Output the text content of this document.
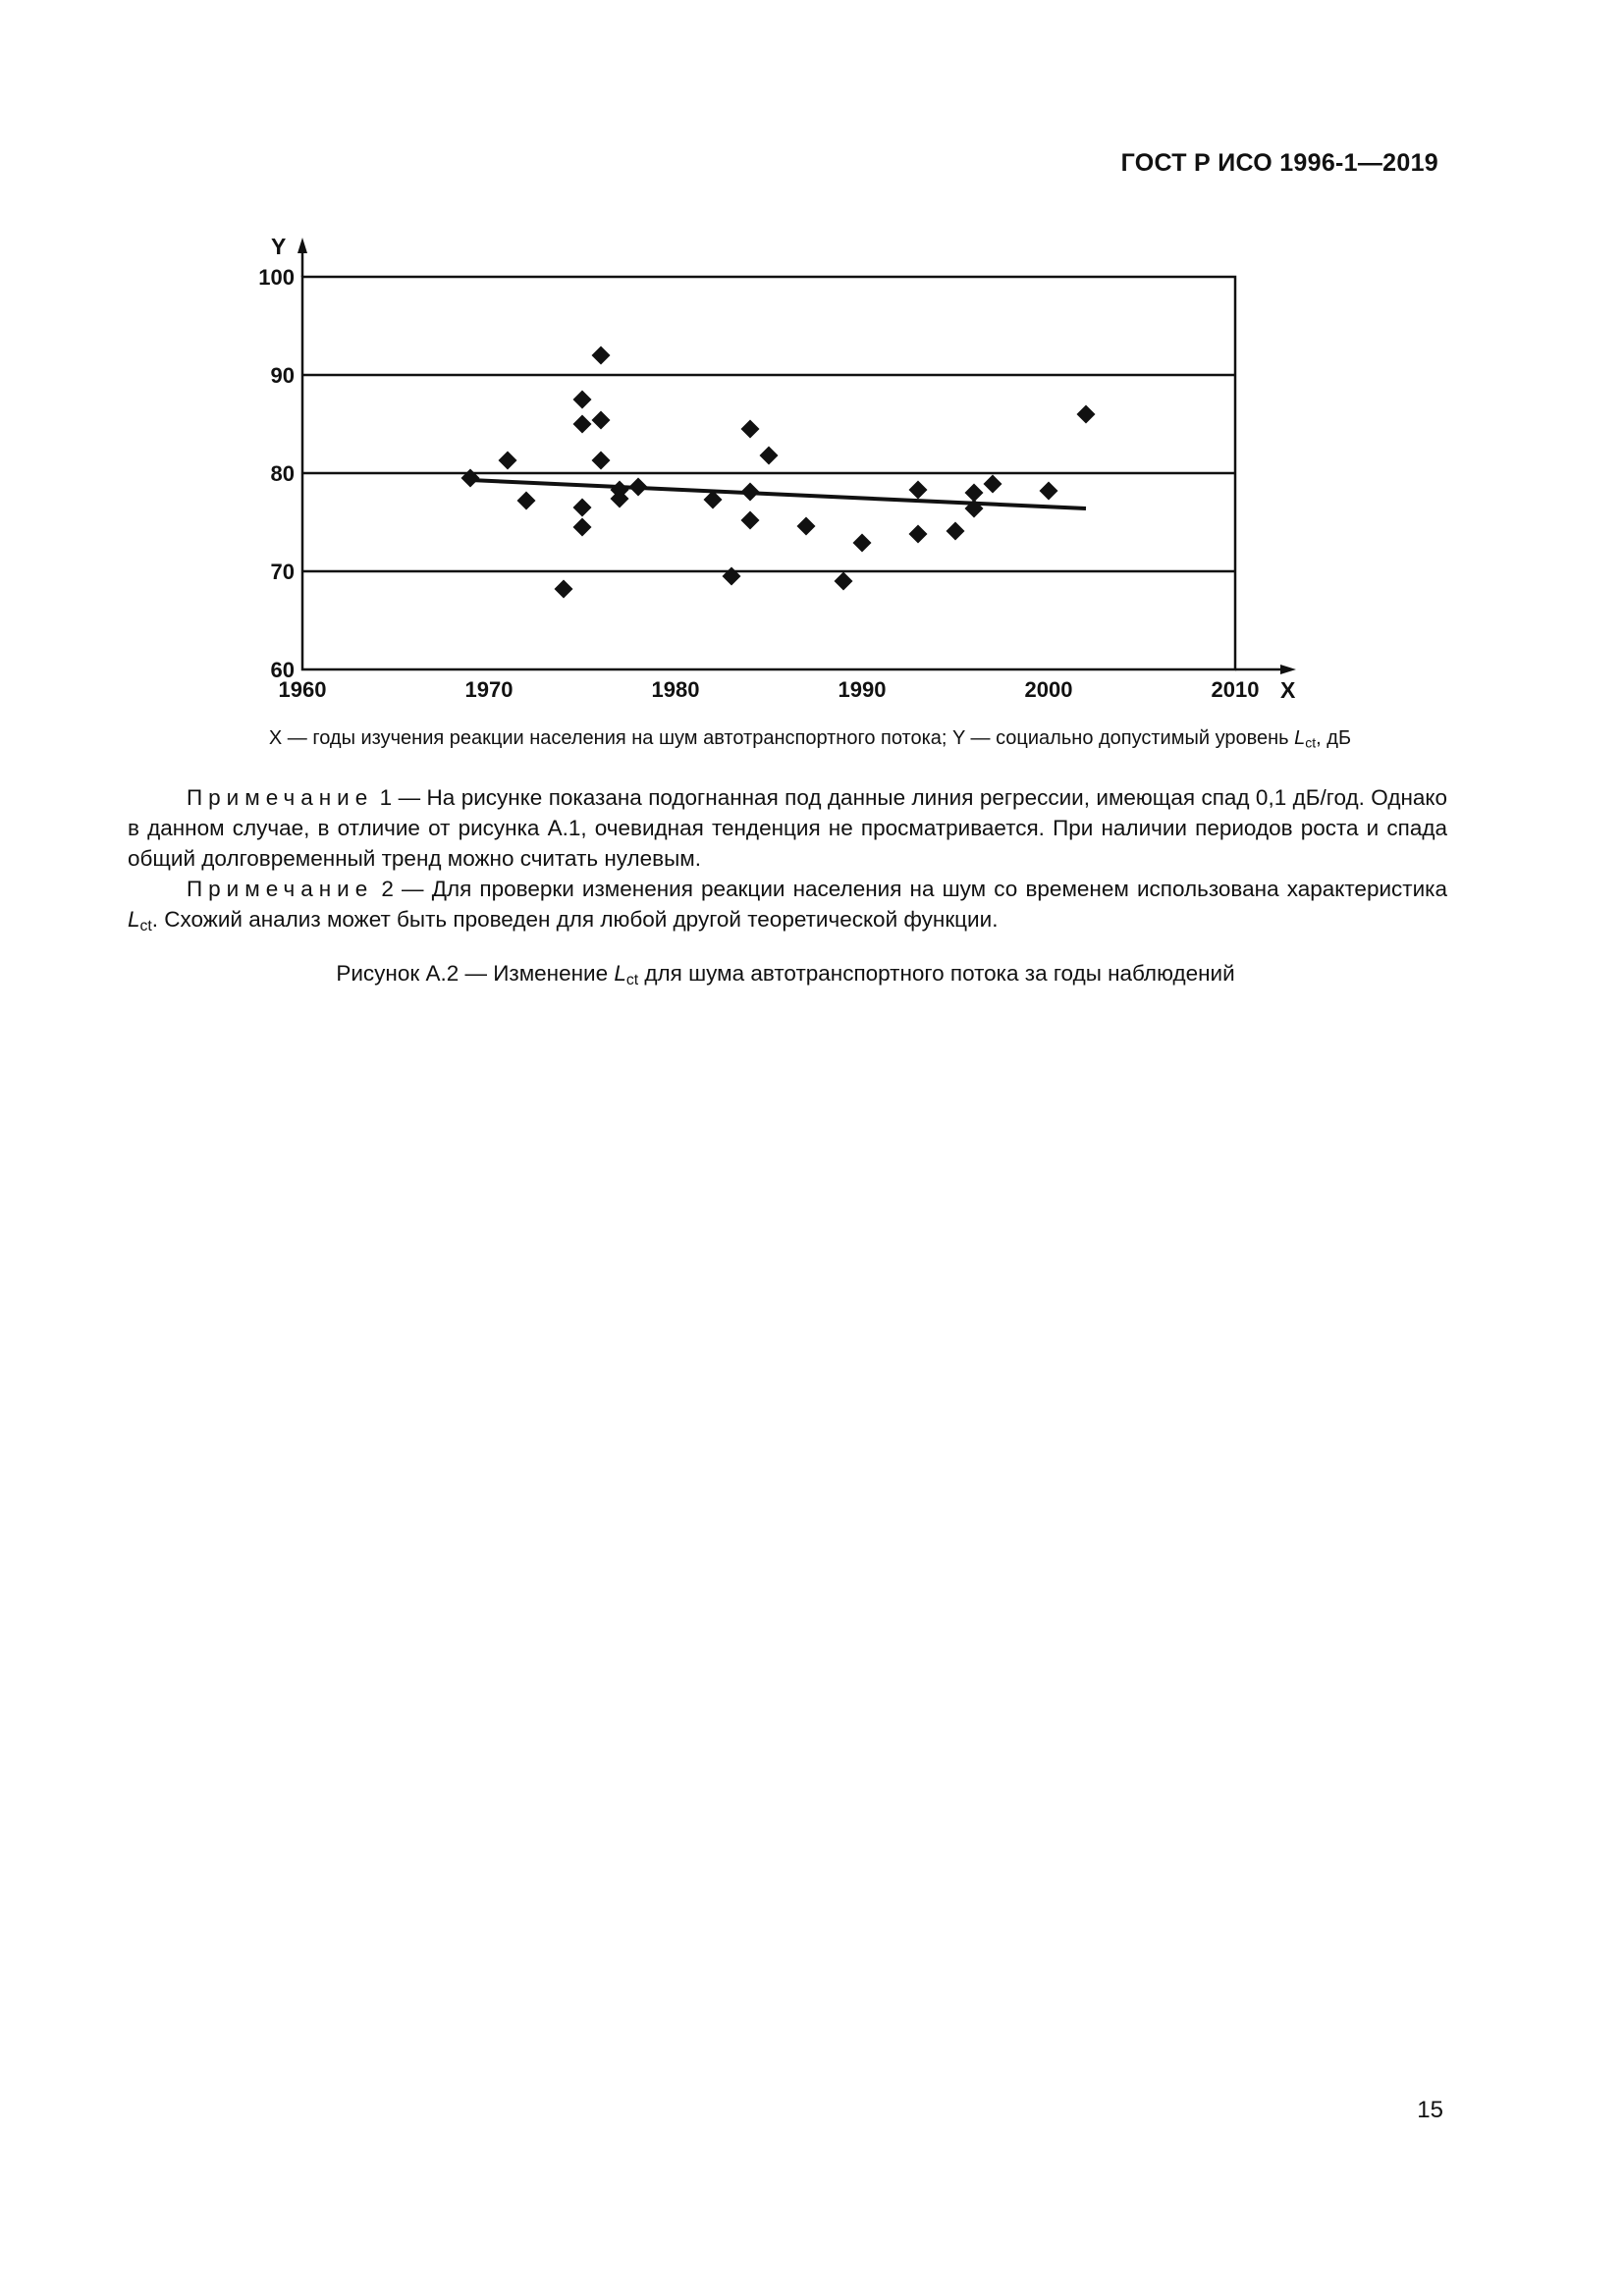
ГОСТ Р ИСО 1996-1—2019
60
70
80
90
100
1960	1970	1980	1990	2000	2010
Y
X
X — годы изучения реакции населения на шум автотранспортного потока; Y — социально допустимый уровень $L_{ct}$, дБ
Примечание 1 — На рисунке показана подогнанная под данные линия регрессии, имеющая спад 0,1 дБ/год. Однако в данном случае, в отличие от рисунка А.1, очевидная тенденция не просматривается. При наличии периодов роста и спада общий долговременный тренд можно считать нулевым.
Примечание 2 — Для проверки изменения реакции населения на шум со временем использована характеристика $L_{ct}$. Схожий анализ может быть проведен для любой другой теоретической функции.
Рисунок А.2 — Изменение $L_{ct}$ для шума автотранспортного потока за годы наблюдений
15
